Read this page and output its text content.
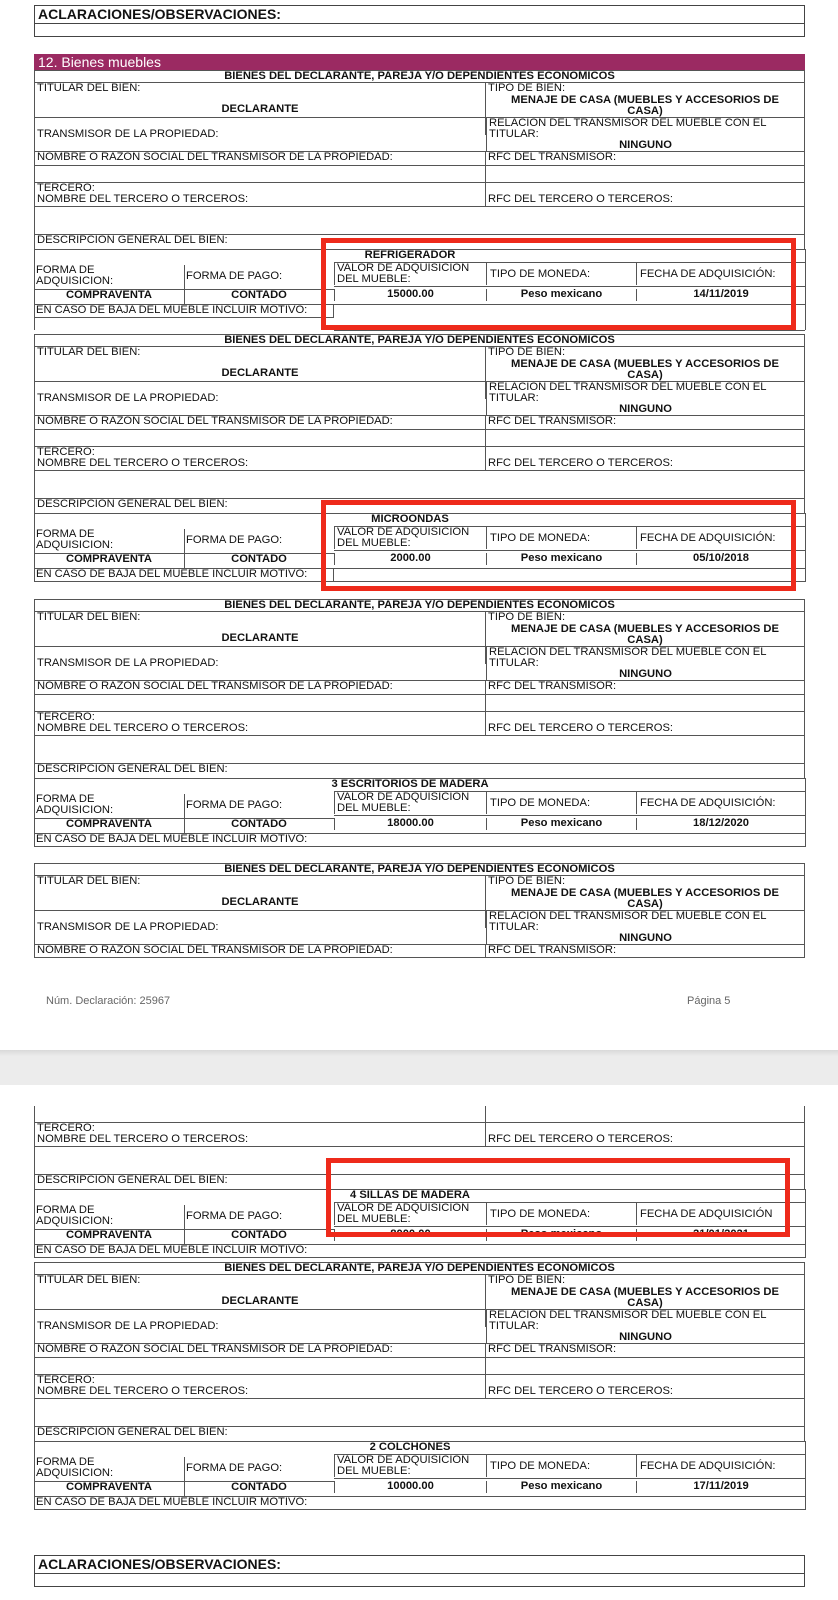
ACLARACIONES/OBSERVACIONES:
12. Bienes muebles
BIENES DEL DECLARANTE, PAREJA Y/O DEPENDIENTES ECONÓMICOS
TITULAR DEL BIEN:
DECLARANTE
TIPO DE BIEN:
MENAJE DE CASA (MUEBLES Y ACCESORIOS DE
CASA)
TRANSMISOR DE LA PROPIEDAD:
RELACIÓN DEL TRANSMISOR DEL MUEBLE CON EL
TITULAR:
NINGUNO
NOMBRE O RAZÓN SOCIAL DEL TRANSMISOR DE LA PROPIEDAD:	RFC DEL TRANSMISOR:
TERCERO:
NOMBRE DEL TERCERO O TERCEROS:	RFC DEL TERCERO O TERCEROS:
DESCRIPCIÓN GENERAL DEL BIEN:
REFRIGERADOR
FORMA DE
ADQUISICIÓN:	FORMA DE PAGO:
VALOR DE ADQUISICIÓN
DEL MUEBLE:	TIPO DE MONEDA:	FECHA DE ADQUISICIÓN:
COMPRAVENTA	CONTADO	15000.00	Peso mexicano	14/11/2019
EN CASO DE BAJA DEL MUEBLE INCLUIR MOTIVO:
BIENES DEL DECLARANTE, PAREJA Y/O DEPENDIENTES ECONÓMICOS
TITULAR DEL BIEN:
DECLARANTE
TIPO DE BIEN:
MENAJE DE CASA (MUEBLES Y ACCESORIOS DE
CASA)
TRANSMISOR DE LA PROPIEDAD:
RELACIÓN DEL TRANSMISOR DEL MUEBLE CON EL
TITULAR:
NINGUNO
NOMBRE O RAZÓN SOCIAL DEL TRANSMISOR DE LA PROPIEDAD:	RFC DEL TRANSMISOR:
TERCERO:
NOMBRE DEL TERCERO O TERCEROS:	RFC DEL TERCERO O TERCEROS:
DESCRIPCIÓN GENERAL DEL BIEN:
MICROONDAS
FORMA DE
ADQUISICIÓN:	FORMA DE PAGO:
VALOR DE ADQUISICIÓN
DEL MUEBLE:	TIPO DE MONEDA:	FECHA DE ADQUISICIÓN:
COMPRAVENTA	CONTADO	2000.00	Peso mexicano	05/10/2018
EN CASO DE BAJA DEL MUEBLE INCLUIR MOTIVO:
BIENES DEL DECLARANTE, PAREJA Y/O DEPENDIENTES ECONÓMICOS
TITULAR DEL BIEN:
DECLARANTE
TIPO DE BIEN:
MENAJE DE CASA (MUEBLES Y ACCESORIOS DE
CASA)
TRANSMISOR DE LA PROPIEDAD:
RELACIÓN DEL TRANSMISOR DEL MUEBLE CON EL
TITULAR:
NINGUNO
NOMBRE O RAZÓN SOCIAL DEL TRANSMISOR DE LA PROPIEDAD:	RFC DEL TRANSMISOR:
TERCERO:
NOMBRE DEL TERCERO O TERCEROS:	RFC DEL TERCERO O TERCEROS:
DESCRIPCIÓN GENERAL DEL BIEN:
3 ESCRITORIOS DE MADERA
FORMA DE
ADQUISICIÓN:	FORMA DE PAGO:
VALOR DE ADQUISICIÓN
DEL MUEBLE:	TIPO DE MONEDA:	FECHA DE ADQUISICIÓN:
COMPRAVENTA	CONTADO	18000.00	Peso mexicano	18/12/2020
EN CASO DE BAJA DEL MUEBLE INCLUIR MOTIVO:
BIENES DEL DECLARANTE, PAREJA Y/O DEPENDIENTES ECONÓMICOS
TITULAR DEL BIEN:
DECLARANTE
TIPO DE BIEN:
MENAJE DE CASA (MUEBLES Y ACCESORIOS DE
CASA)
TRANSMISOR DE LA PROPIEDAD:
RELACIÓN DEL TRANSMISOR DEL MUEBLE CON EL
TITULAR:
NINGUNO
NOMBRE O RAZÓN SOCIAL DEL TRANSMISOR DE LA PROPIEDAD:	RFC DEL TRANSMISOR:
Núm. Declaración: 25967	Página 5
TERCERO:
NOMBRE DEL TERCERO O TERCEROS:	RFC DEL TERCERO O TERCEROS:
DESCRIPCIÓN GENERAL DEL BIEN:
4 SILLAS DE MADERA
FORMA DE
ADQUISICIÓN:	FORMA DE PAGO:
VALOR DE ADQUISICIÓN
DEL MUEBLE:	TIPO DE MONEDA:	FECHA DE ADQUISICIÓN
COMPRAVENTA	CONTADO	8000.00	Peso mexicano	21/01/2021
EN CASO DE BAJA DEL MUEBLE INCLUIR MOTIVO:
BIENES DEL DECLARANTE, PAREJA Y/O DEPENDIENTES ECONÓMICOS
TITULAR DEL BIEN:
DECLARANTE
TIPO DE BIEN:
MENAJE DE CASA (MUEBLES Y ACCESORIOS DE
CASA)
TRANSMISOR DE LA PROPIEDAD:
RELACIÓN DEL TRANSMISOR DEL MUEBLE CON EL
TITULAR:
NINGUNO
NOMBRE O RAZÓN SOCIAL DEL TRANSMISOR DE LA PROPIEDAD:	RFC DEL TRANSMISOR:
TERCERO:
NOMBRE DEL TERCERO O TERCEROS:	RFC DEL TERCERO O TERCEROS:
DESCRIPCIÓN GENERAL DEL BIEN:
2 COLCHONES
FORMA DE
ADQUISICIÓN:	FORMA DE PAGO:
VALOR DE ADQUISICIÓN
DEL MUEBLE:	TIPO DE MONEDA:	FECHA DE ADQUISICIÓN:
COMPRAVENTA	CONTADO	10000.00	Peso mexicano	17/11/2019
EN CASO DE BAJA DEL MUEBLE INCLUIR MOTIVO:
ACLARACIONES/OBSERVACIONES:
